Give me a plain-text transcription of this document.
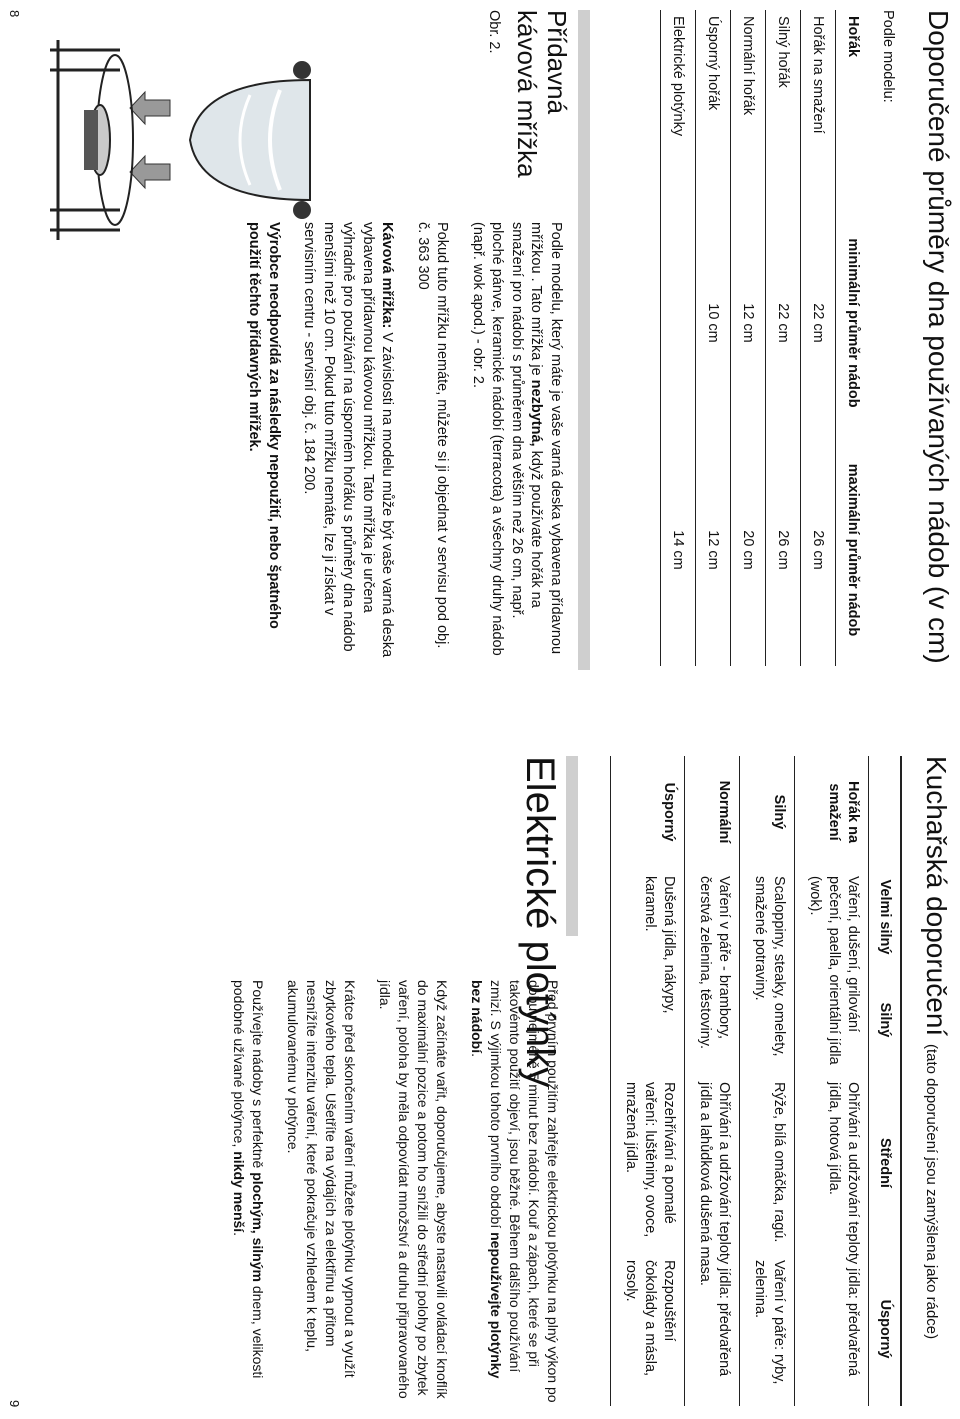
8	Doporučené průměry dna používaných nádob (v cm)
Podle modelu:
Hořák	minimální průměr nádob	maximální průměr nádob
Hořák na smažení	22 cm	26 cm
Silný hořák	22 cm	26 cm
Normální hořák	12 cm	20 cm
Úsporný hořák	10 cm	12 cm
Elektrické plotýnky		14 cm
Přídavná kávová mřížka
Obr. 2.

Podle modelu, který máte je vaše varná deska vybavena přídavnou mřížkou . Tato mřížka je nezbytná, když používate hořák na smažení pro nádobí s průměrem dna větším než 26 cm, např. ploché pánve, keramické nádobí (terracota) a všechny druhy nádob (např. wok apod.) - obr. 2.

Pokud tuto mřížku nemáte, můžete si ji objednat v servisu pod obj. č. 363 300

Kávová mřížka: V závislosti na modelu může být vaše varná deska vybavena přídavnou kávovou mřížkou. Tato mřížka je určena výhradně pro používání na úsporném hořáku s průměry dna nádob menšími než 10 cm. Pokud tuto mřížku nemáte, lze ji získat v servisním centru - servisní obj. č. 184 200.

Výrobce neodpovídá za následky nepoužití, nebo špatného použití těchto přídavných mřížek.

9
Kuchařská doporučení (tato doporučení jsou zamýšlena jako rádce)
	Velmi silný	Silný	Střední	Úsporný
Hořák na smažení	Vaření, dušení, grilování pečení, paella, orientální jídla (wok).		Ohřívání a udržování teploty jídla: předvařená jídla, hotová jídla.	
Silný	Scaloppiny, steaky, omelety, smažené potraviny.		Rýže, bílá omáčka, ragú.	Vaření v páře: ryby, zelenina.
Normální	Vaření v páře - brambory, čerstvá zelenina, těstoviny.		Ohřívání a udržování teploty jídla: předvařená jídla a lahůdková dušená masa.	
Úsporný	Dušená jídla, nákypy, karamel.		Rozehřívání a pomalé vaření: luštěniny, ovoce, mražená jídla.	Rozpouštění čokolády a másla, rosoly.
Elektrické plotýnky

Před prvním použitím zahřejte elektrickou plotýnku na plný výkon po dobu nejméně 5 minut bez nádobí. Kouř a zápach, které se při takovémto použití objeví, jsou běžné. Během dalšího používání zmizí. S výjimkou tohoto prvního období nepoužívejte plotýnky bez nádobí.

Když začínáte vařit, doporučujeme, abyste nastavili ovládací knoflík do maximální pozice a potom ho snížili do střední polohy po zbytek vaření, poloha by měla odpovídat množství a druhu připravovaného jídla.

Krátce před skončením vaření můžete plotýnku vypnout a využít zbytkového tepla. Ušetříte na výdajích za elektřinu a přitom nesnížíte intenzitu vaření, které pokračuje vzhledem k teplu, akumulovanému v plotýnce.

Používejte nádoby s perfektně plochým, silným dnem, velikosti podobné užívané plotýnce, nikdy menší.
